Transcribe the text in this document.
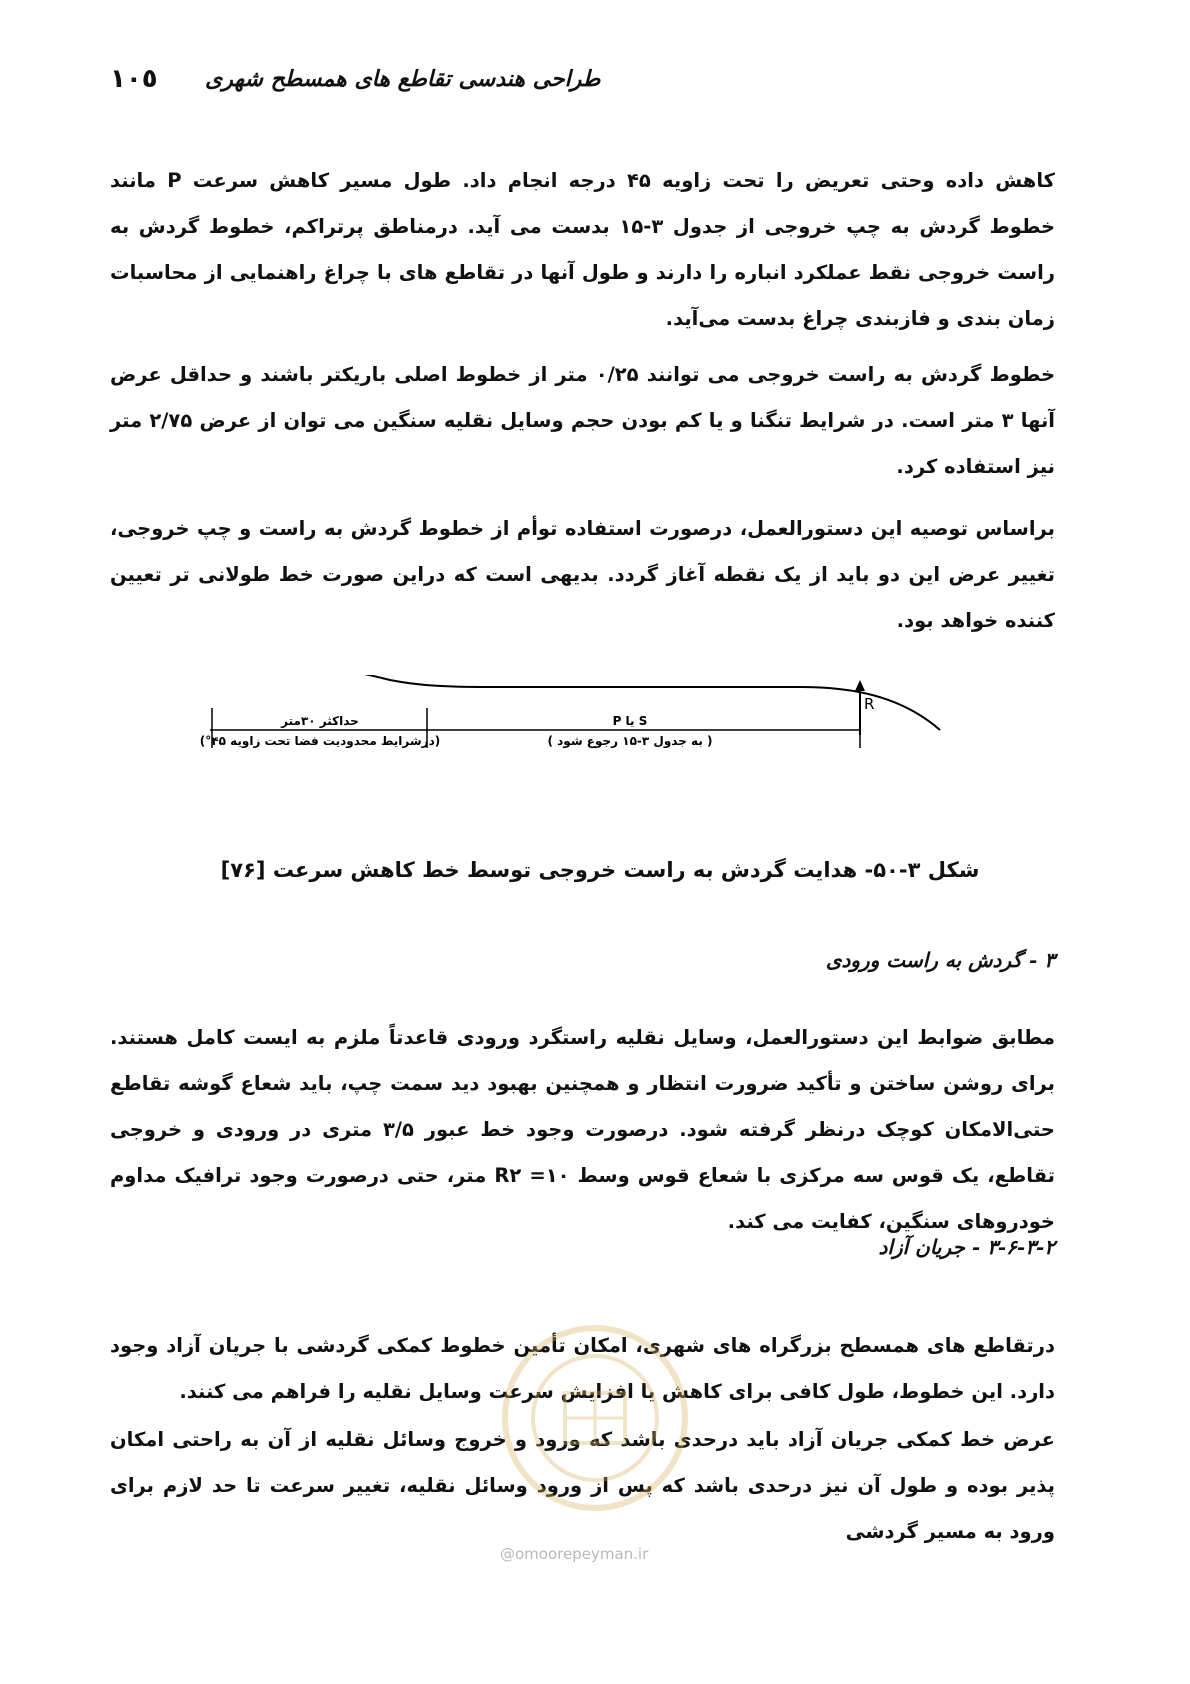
١٠٥ طراحی هندسی تقاطع های همسطح شهری

کاهش داده وحتی تعریض را تحت زاویه ۴۵ درجه انجام داد. طول مسیر کاهش سرعت P مانند خطوط گردش به چپ خروجی از جدول ۳-۱۵ بدست می آید. درمناطق پرتراکم، خطوط گردش به راست خروجی نقط عملکرد انباره را دارند و طول آنها در تقاطع های با چراغ راهنمایی از محاسبات زمان بندی و فازبندی چراغ بدست می‌آید.

خطوط گردش به راست خروجی می توانند ۰/۲۵ متر از خطوط اصلی باریکتر باشند و حداقل عرض آنها ۳ متر است. در شرایط تنگنا و یا کم بودن حجم وسایل نقلیه سنگین می توان از عرض ۲/۷۵ متر نیز استفاده کرد.

براساس توصیه این دستورالعمل، درصورت استفاده توأم از خطوط گردش به راست و چپ خروجی، تغییر عرض این دو باید از یک نقطه آغاز گردد. بدیهی است که دراین صورت خط طولانی تر تعیین کننده خواهد بود.

R
حداکثر ۳۰متر
(درشرایط محدودیت فضا تحت زاویه ۴۵°)
S یا P
( به جدول ۳-۱۵ رجوع شود )
شکل ۳-۵۰- هدایت گردش به راست خروجی توسط خط کاهش سرعت [۷۶]
۳ - گردش به راست ورودی

مطابق ضوابط این دستورالعمل، وسایل نقلیه راستگرد ورودی قاعدتاً ملزم به ایست کامل هستند. برای روشن ساختن و تأکید ضرورت انتظار و همچنین بهبود دید سمت چپ، باید شعاع گوشه تقاطع حتی‌الامکان کوچک درنظر گرفته شود. درصورت وجود خط عبور ۳/۵ متری در ورودی و خروجی تقاطع، یک قوس سه مرکزی با شعاع قوس وسط R۲ =۱۰ متر، حتی درصورت وجود ترافیک مداوم خودروهای سنگین، کفایت می کند.

۳-۶-۳-۲ - جریان آزاد

درتقاطع های همسطح بزرگراه های شهری، امکان تأمین خطوط کمکی گردشی با جریان آزاد وجود دارد. این خطوط، طول کافی برای کاهش یا افزایش سرعت وسایل نقلیه را فراهم می کنند.

عرض خط کمکی جریان آزاد باید درحدی باشد که ورود و خروج وسائل نقلیه از آن به راحتی امکان پذیر بوده و طول آن نیز درحدی باشد که پس از ورود وسائل نقلیه، تغییر سرعت تا حد لازم برای ورود به مسیر گردشی

@omoorepeyman.ir
